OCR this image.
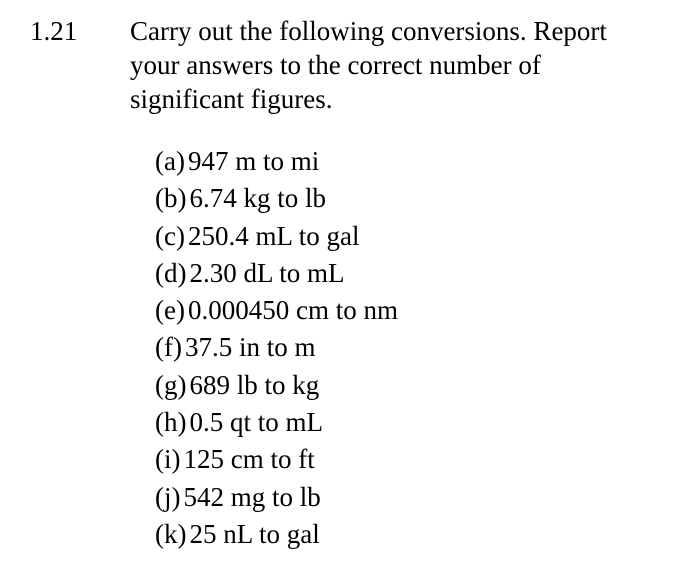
1.21 Carry out the following conversions. Report
your answers to the correct number of
significant figures.
(a) 947 m to mi
(b) 6.74 kg to lb
(c) 250.4 mL to gal
(d) 2.30 dL to mL
(e) 0.000450 cm to nm
(f) 37.5 in to m
(g) 689 lb to kg
(h) 0.5 qt to mL
(i) 125 cm to ft
(j) 542 mg to lb
(k) 25 nL to gal
